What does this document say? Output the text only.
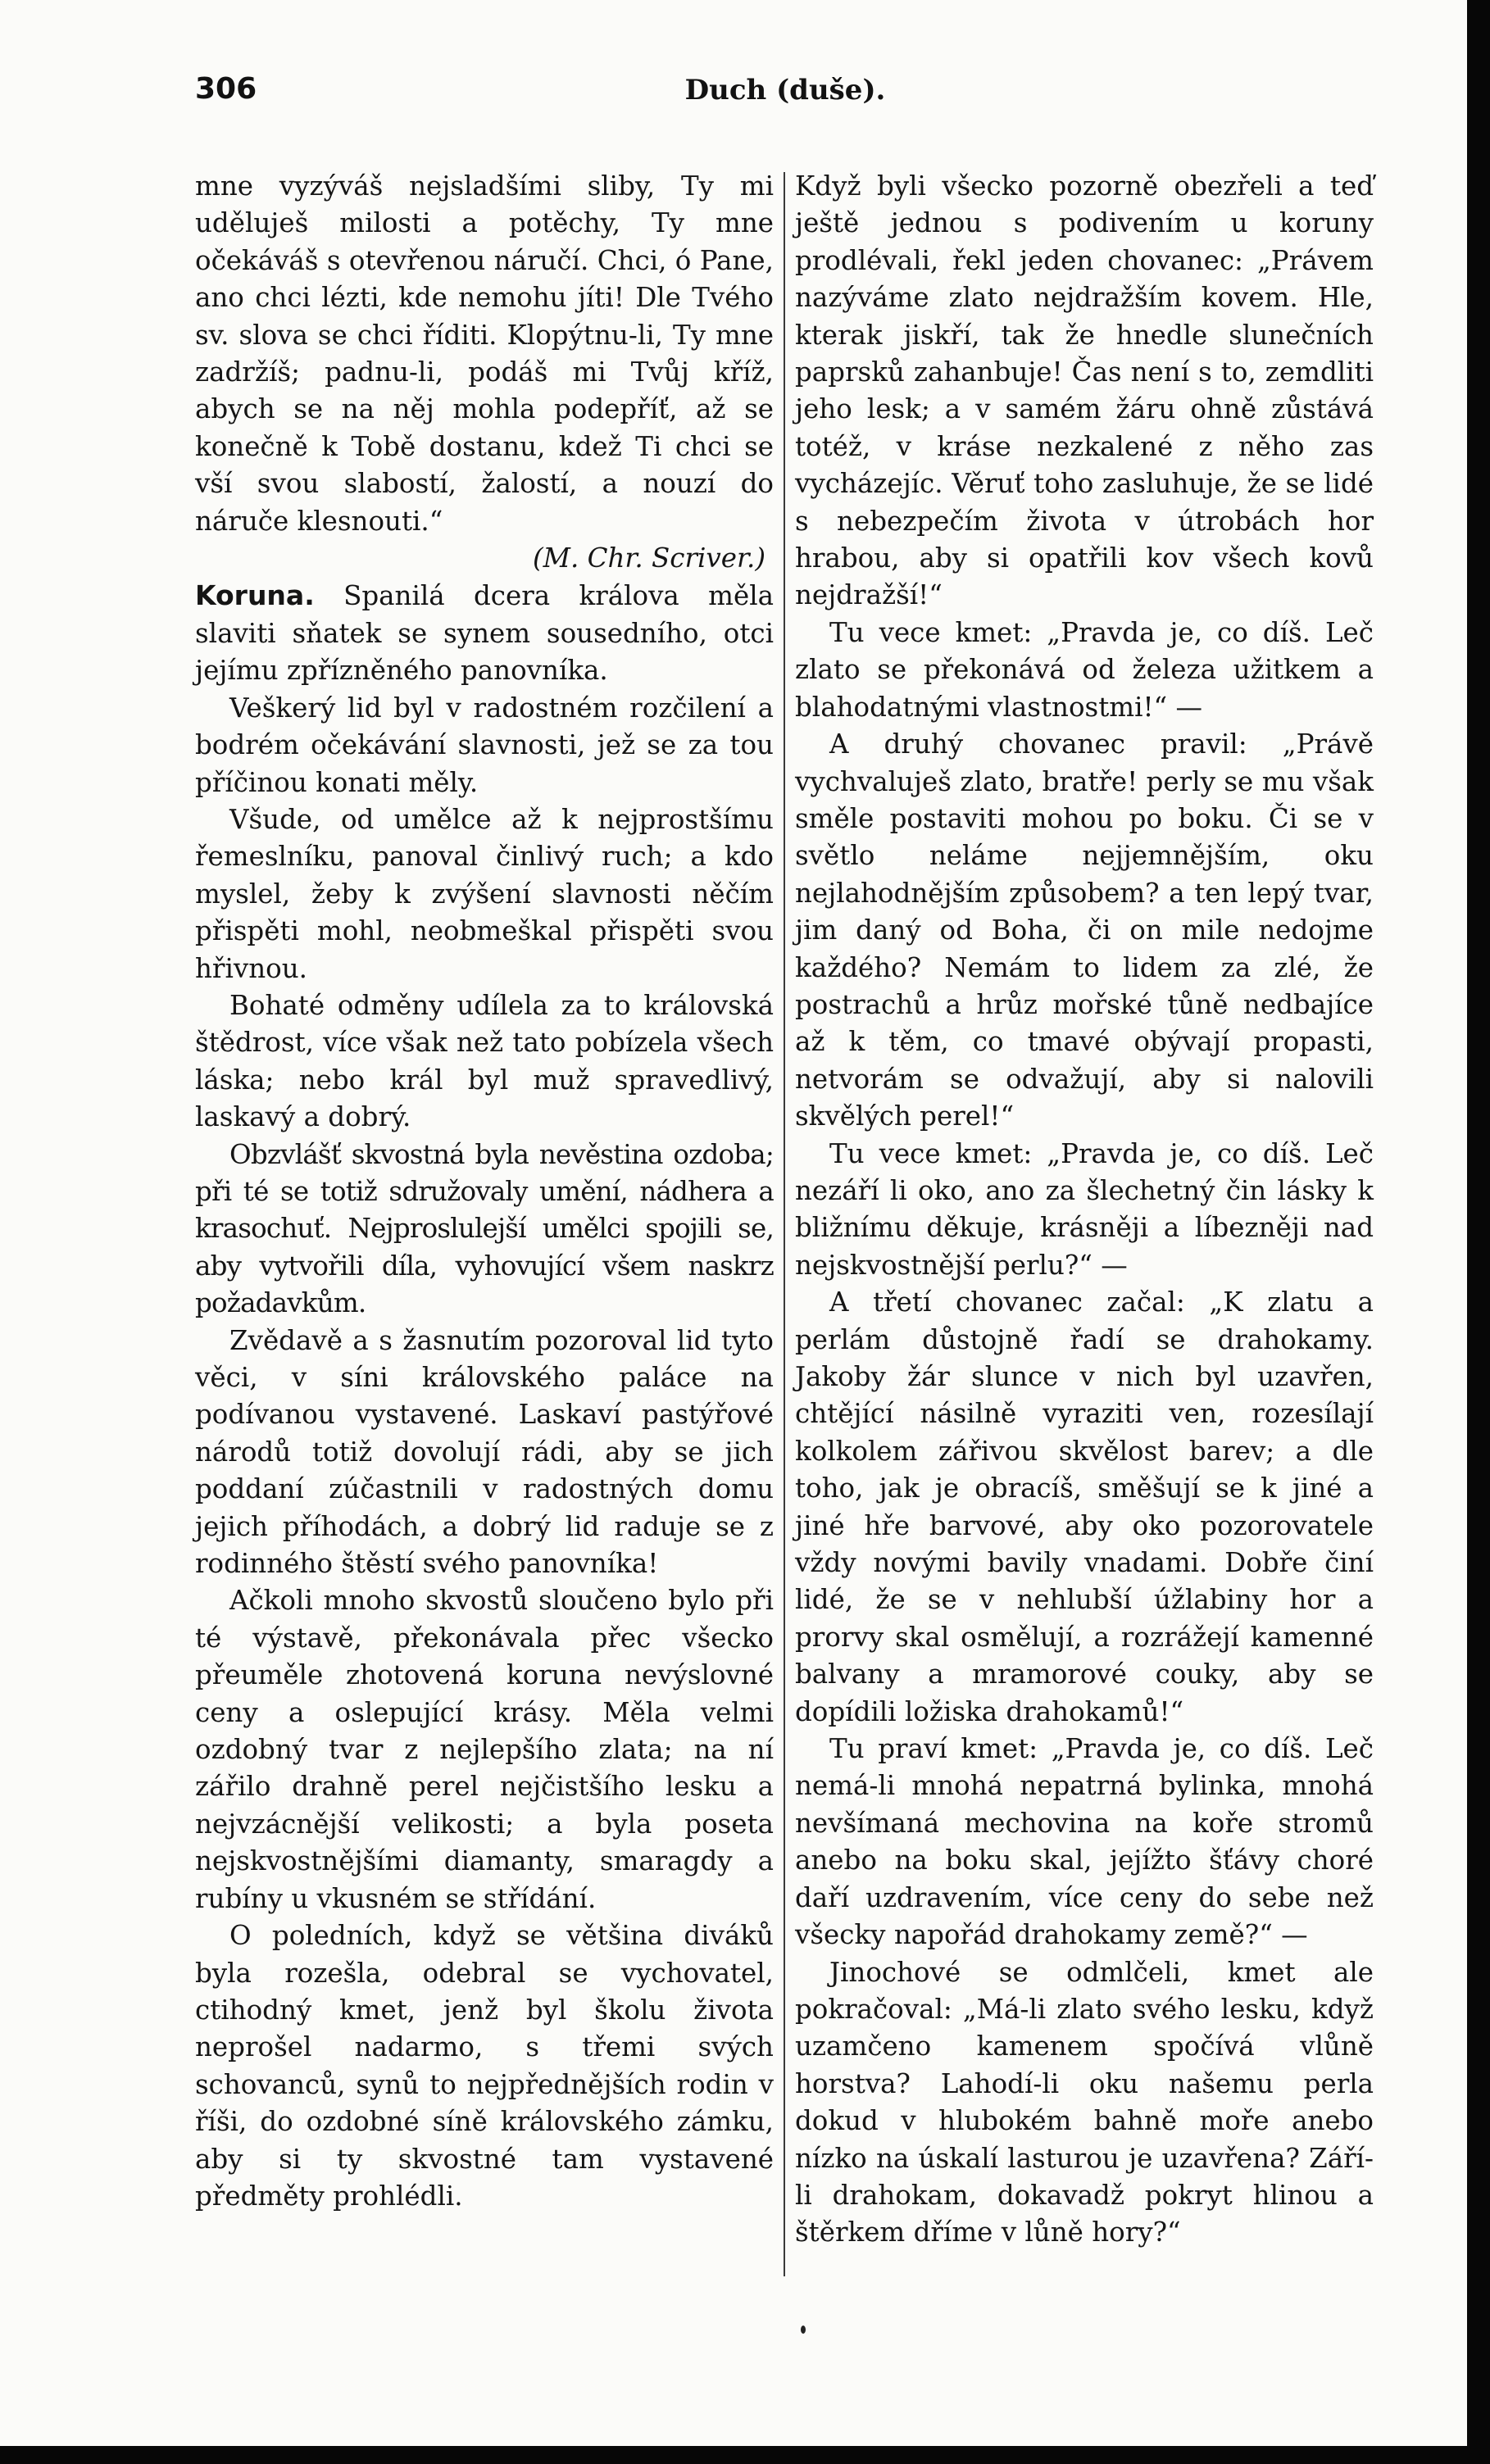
306	Duch (duše).

mne vyzýváš nejsladšími sliby, Ty mi uděluješ milosti a potěchy, Ty mne očekáváš s otevřenou náručí. Chci, ó Pane, ano chci lézti, kde nemohu jíti! Dle Tvého sv. slova se chci říditi. Klopýtnu-li, Ty mne zadržíš; padnu-li, podáš mi Tvůj kříž, abych se na něj mohla podepříť, až se konečně k Tobě dostanu, kdež Ti chci se vší svou slabostí, žalostí, a nouzí do náruče klesnouti.“

(M. Chr. Scriver.)

Koruna. Spanilá dcera králova měla slaviti sňatek se synem sousedního, otci jejímu zpřízněného panovníka.

Veškerý lid byl v radostném rozčilení a bodrém očekávání slavnosti, jež se za tou příčinou konati měly.

Všude, od umělce až k nejprostšímu řemeslníku, panoval činlivý ruch; a kdo myslel, žeby k zvýšení slavnosti něčím přispěti mohl, neobmeškal přispěti svou hřivnou.

Bohaté odměny udílela za to královská štědrost, více však než tato pobízela všech láska; nebo král byl muž spravedlivý, laskavý a dobrý.

Obzvlášť skvostná byla nevěstina ozdoba; při té se totiž sdružovaly umění, nádhera a krasochuť. Nejproslulejší umělci spojili se, aby vytvořili díla, vyhovující všem naskrz požadavkům.

Zvědavě a s žasnutím pozoroval lid tyto věci, v síni královského paláce na podívanou vystavené. Laskaví pastýřové národů totiž dovolují rádi, aby se jich poddaní zúčastnili v radostných domu jejich příhodách, a dobrý lid raduje se z rodinného štěstí svého panovníka!

Ačkoli mnoho skvostů sloučeno bylo při té výstavě, překonávala přec všecko přeuměle zhotovená koruna nevýslovné ceny a oslepující krásy. Měla velmi ozdobný tvar z nejlepšího zlata; na ní zářilo drahně perel nejčistšího lesku a nejvzácnější velikosti; a byla poseta nejskvostnějšími diamanty, smaragdy a rubíny u vkusném se střídání.

O poledních, když se většina diváků byla rozešla, odebral se vychovatel, ctihodný kmet, jenž byl školu života neprošel nadarmo, s třemi svých schovanců, synů to nejpřednějších rodin v říši, do ozdobné síně královského zámku, aby si ty skvostné tam vystavené předměty prohlédli.

Když byli všecko pozorně obezřeli a teď ještě jednou s podivením u koruny prodlévali, řekl jeden chovanec: „Právem nazýváme zlato nejdražším kovem. Hle, kterak jiskří, tak že hnedle slunečních paprsků zahanbuje! Čas není s to, zemdliti jeho lesk; a v samém žáru ohně zůstává totéž, v kráse nezkalené z něho zas vycházejíc. Věruť toho zasluhuje, že se lidé s nebezpečím života v útrobách hor hrabou, aby si opatřili kov všech kovů nejdražší!“

Tu vece kmet: „Pravda je, co díš. Leč zlato se překonává od železa užitkem a blahodatnými vlastnostmi!“ —

A druhý chovanec pravil: „Právě vychvaluješ zlato, bratře! perly se mu však směle postaviti mohou po boku. Či se v světlo neláme nejjemnějším, oku nejlahodnějším způsobem? a ten lepý tvar, jim daný od Boha, či on mile nedojme každého? Nemám to lidem za zlé, že postrachů a hrůz mořské tůně nedbajíce až k těm, co tmavé obývají propasti, netvorám se odvažují, aby si nalovili skvělých perel!“

Tu vece kmet: „Pravda je, co díš. Leč nezáří li oko, ano za šlechetný čin lásky k bližnímu děkuje, krásněji a líbezněji nad nejskvostnější perlu?“ —

A třetí chovanec začal: „K zlatu a perlám důstojně řadí se drahokamy. Jakoby žár slunce v nich byl uzavřen, chtějící násilně vyraziti ven, rozesílají kolkolem zářivou skvělost barev; a dle toho, jak je obracíš, směšují se k jiné a jiné hře barvové, aby oko pozorovatele vždy novými bavily vnadami. Dobře činí lidé, že se v nehlubší úžlabiny hor a prorvy skal osmělují, a rozrážejí kamenné balvany a mramorové couky, aby se dopídili ložiska drahokamů!“

Tu praví kmet: „Pravda je, co díš. Leč nemá-li mnohá nepatrná bylinka, mnohá nevšímaná mechovina na kořе stromů anebo na boku skal, jejížto šťávy choré daří uzdravením, více ceny do sebe než všecky napořád drahokamy země?“ —

Jinochové se odmlčeli, kmet ale pokračoval: „Má-li zlato svého lesku, když uzamčeno kamenem spočívá vlůně horstva? Lahodí-li oku našemu perla dokud v hlubokém bahně moře anebo nízko na úskalí lasturou je uzavřena? Září-li drahokam, dokavadž pokryt hlinou a štěrkem dříme v lůně hory?“
